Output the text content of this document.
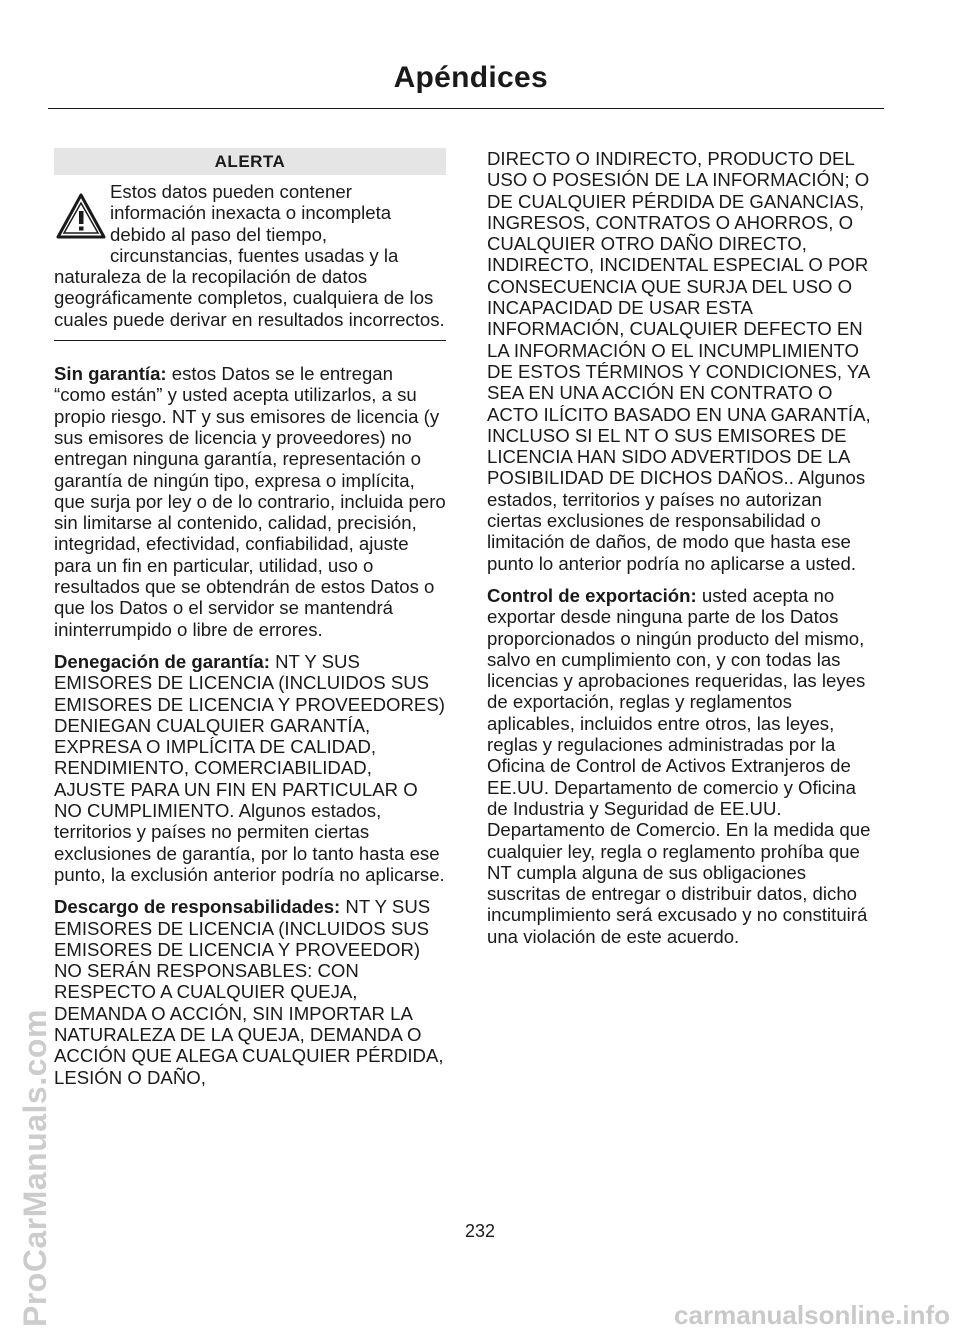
Apéndices
ALERTA

Estos datos pueden contener información inexacta o incompleta debido al paso del tiempo, circunstancias, fuentes usadas y la naturaleza de la recopilación de datos geográficamente completos, cualquiera de los cuales puede derivar en resultados incorrectos.

Sin garantía: estos Datos se le entregan “como están” y usted acepta utilizarlos, a su propio riesgo. NT y sus emisores de licencia (y sus emisores de licencia y proveedores) no entregan ninguna garantía, representación o garantía de ningún tipo, expresa o implícita, que surja por ley o de lo contrario, incluida pero sin limitarse al contenido, calidad, precisión, integridad, efectividad, confiabilidad, ajuste para un fin en particular, utilidad, uso o resultados que se obtendrán de estos Datos o que los Datos o el servidor se mantendrá ininterrumpido o libre de errores.

Denegación de garantía: NT Y SUS EMISORES DE LICENCIA (INCLUIDOS SUS EMISORES DE LICENCIA Y PROVEEDORES) DENIEGAN CUALQUIER GARANTÍA, EXPRESA O IMPLÍCITA DE CALIDAD, RENDIMIENTO, COMERCIABILIDAD, AJUSTE PARA UN FIN EN PARTICULAR O NO CUMPLIMIENTO. Algunos estados, territorios y países no permiten ciertas exclusiones de garantía, por lo tanto hasta ese punto, la exclusión anterior podría no aplicarse.

Descargo de responsabilidades: NT Y SUS EMISORES DE LICENCIA (INCLUIDOS SUS EMISORES DE LICENCIA Y PROVEEDOR) NO SERÁN RESPONSABLES: CON RESPECTO A CUALQUIER QUEJA, DEMANDA O ACCIÓN, SIN IMPORTAR LA NATURALEZA DE LA QUEJA, DEMANDA O ACCIÓN QUE ALEGA CUALQUIER PÉRDIDA, LESIÓN O DAÑO,

DIRECTO O INDIRECTO, PRODUCTO DEL USO O POSESIÓN DE LA INFORMACIÓN; O DE CUALQUIER PÉRDIDA DE GANANCIAS, INGRESOS, CONTRATOS O AHORROS, O CUALQUIER OTRO DAÑO DIRECTO, INDIRECTO, INCIDENTAL ESPECIAL O POR CONSECUENCIA QUE SURJA DEL USO O INCAPACIDAD DE USAR ESTA INFORMACIÓN, CUALQUIER DEFECTO EN LA INFORMACIÓN O EL INCUMPLIMIENTO DE ESTOS TÉRMINOS Y CONDICIONES, YA SEA EN UNA ACCIÓN EN CONTRATO O ACTO ILÍCITO BASADO EN UNA GARANTÍA, INCLUSO SI EL NT O SUS EMISORES DE LICENCIA HAN SIDO ADVERTIDOS DE LA POSIBILIDAD DE DICHOS DAÑOS.. Algunos estados, territorios y países no autorizan ciertas exclusiones de responsabilidad o limitación de daños, de modo que hasta ese punto lo anterior podría no aplicarse a usted.

Control de exportación: usted acepta no exportar desde ninguna parte de los Datos proporcionados o ningún producto del mismo, salvo en cumplimiento con, y con todas las licencias y aprobaciones requeridas, las leyes de exportación, reglas y reglamentos aplicables, incluidos entre otros, las leyes, reglas y regulaciones administradas por la Oficina de Control de Activos Extranjeros de EE.UU. Departamento de comercio y Oficina de Industria y Seguridad de EE.UU. Departamento de Comercio. En la medida que cualquier ley, regla o reglamento prohíba que NT cumpla alguna de sus obligaciones suscritas de entregar o distribuir datos, dicho incumplimiento será excusado y no constituirá una violación de este acuerdo.

232
ProCarManuals.com	carmanualsonline.info
